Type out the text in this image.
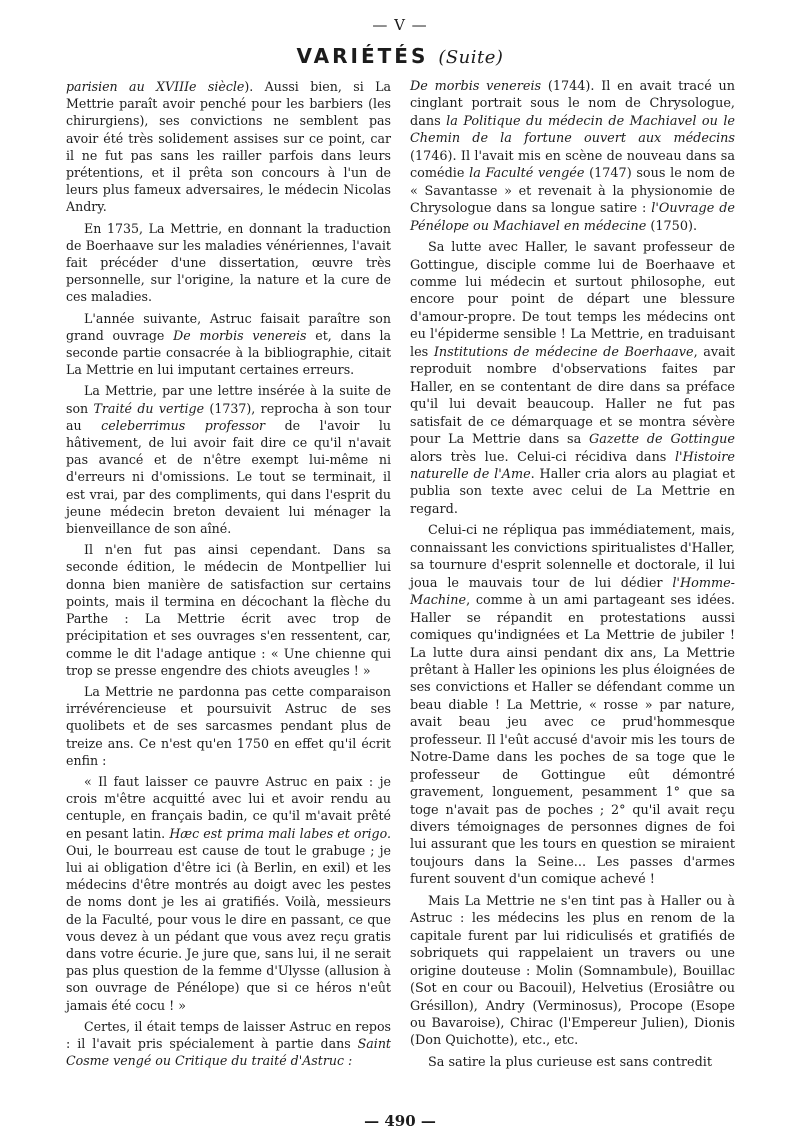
— V —
VARIÉTÉS (Suite)

parisien au XVIIIe siècle). Aussi bien, si La Mettrie paraît avoir penché pour les barbiers (les chirurgiens), ses convictions ne semblent pas avoir été très solidement assises sur ce point, car il ne fut pas sans les railler parfois dans leurs prétentions, et il prêta son concours à l'un de leurs plus fameux adversaires, le médecin Nicolas Andry.

En 1735, La Mettrie, en donnant la traduction de Boerhaave sur les maladies vénériennes, l'avait fait précéder d'une dissertation, œuvre très personnelle, sur l'origine, la nature et la cure de ces maladies.

L'année suivante, Astruc faisait paraître son grand ouvrage De morbis venereis et, dans la seconde partie consacrée à la bibliographie, citait La Mettrie en lui imputant certaines erreurs.

La Mettrie, par une lettre insérée à la suite de son Traité du vertige (1737), reprocha à son tour au celeberrimus professor de l'avoir lu hâtivement, de lui avoir fait dire ce qu'il n'avait pas avancé et de n'être exempt lui-même ni d'erreurs ni d'omissions. Le tout se terminait, il est vrai, par des compliments, qui dans l'esprit du jeune médecin breton devaient lui ménager la bienveillance de son aîné.

Il n'en fut pas ainsi cependant. Dans sa seconde édition, le médecin de Montpellier lui donna bien manière de satisfaction sur certains points, mais il termina en décochant la flèche du Parthe : La Mettrie écrit avec trop de précipitation et ses ouvrages s'en ressentent, car, comme le dit l'adage antique : « Une chienne qui trop se presse engendre des chiots aveugles ! »

La Mettrie ne pardonna pas cette comparaison irrévérencieuse et poursuivit Astruc de ses quolibets et de ses sarcasmes pendant plus de treize ans. Ce n'est qu'en 1750 en effet qu'il écrit enfin :

« Il faut laisser ce pauvre Astruc en paix : je crois m'être acquitté avec lui et avoir rendu au centuple, en français badin, ce qu'il m'avait prêté en pesant latin. Hæc est prima mali labes et origo. Oui, le bourreau est cause de tout le grabuge ; je lui ai obligation d'être ici (à Berlin, en exil) et les médecins d'être montrés au doigt avec les pestes de noms dont je les ai gratifiés. Voilà, messieurs de la Faculté, pour vous le dire en passant, ce que vous devez à un pédant que vous avez reçu gratis dans votre écurie. Je jure que, sans lui, il ne serait pas plus question de la femme d'Ulysse (allusion à son ouvrage de Pénélope) que si ce héros n'eût jamais été cocu ! »

Certes, il était temps de laisser Astruc en repos : il l'avait pris spécialement à partie dans Saint Cosme vengé ou Critique du traité d'Astruc :

De morbis venereis (1744). Il en avait tracé un cinglant portrait sous le nom de Chrysologue, dans la Politique du médecin de Machiavel ou le Chemin de la fortune ouvert aux médecins (1746). Il l'avait mis en scène de nouveau dans sa comédie la Faculté vengée (1747) sous le nom de « Savantasse » et revenait à la physionomie de Chrysologue dans sa longue satire : l'Ouvrage de Pénélope ou Machiavel en médecine (1750).

Sa lutte avec Haller, le savant professeur de Gottingue, disciple comme lui de Boerhaave et comme lui médecin et surtout philosophe, eut encore pour point de départ une blessure d'amour-propre. De tout temps les médecins ont eu l'épiderme sensible ! La Mettrie, en traduisant les Institutions de médecine de Boerhaave, avait reproduit nombre d'observations faites par Haller, en se contentant de dire dans sa préface qu'il lui devait beaucoup. Haller ne fut pas satisfait de ce démarquage et se montra sévère pour La Mettrie dans sa Gazette de Gottingue alors très lue. Celui-ci récidiva dans l'Histoire naturelle de l'Ame. Haller cria alors au plagiat et publia son texte avec celui de La Mettrie en regard.

Celui-ci ne répliqua pas immédiatement, mais, connaissant les convictions spiritualistes d'Haller, sa tournure d'esprit solennelle et doctorale, il lui joua le mauvais tour de lui dédier l'Homme-Machine, comme à un ami partageant ses idées. Haller se répandit en protestations aussi comiques qu'indignées et La Mettrie de jubiler ! La lutte dura ainsi pendant dix ans, La Mettrie prêtant à Haller les opinions les plus éloignées de ses convictions et Haller se défendant comme un beau diable ! La Mettrie, « rosse » par nature, avait beau jeu avec ce prud'hommesque professeur. Il l'eût accusé d'avoir mis les tours de Notre-Dame dans les poches de sa toge que le professeur de Gottingue eût démontré gravement, longuement, pesamment 1° que sa toge n'avait pas de poches ; 2° qu'il avait reçu divers témoignages de personnes dignes de foi lui assurant que les tours en question se miraient toujours dans la Seine... Les passes d'armes furent souvent d'un comique achevé !

Mais La Mettrie ne s'en tint pas à Haller ou à Astruc : les médecins les plus en renom de la capitale furent par lui ridiculisés et gratifiés de sobriquets qui rappelaient un travers ou une origine douteuse : Molin (Somnambule), Bouillac (Sot en cour ou Bacouil), Helvetius (Erosiâtre ou Grésillon), Andry (Verminosus), Procope (Esope ou Bavaroise), Chirac (l'Empereur Julien), Dionis (Don Quichotte), etc., etc.

Sa satire la plus curieuse est sans contredit

— 490 —
